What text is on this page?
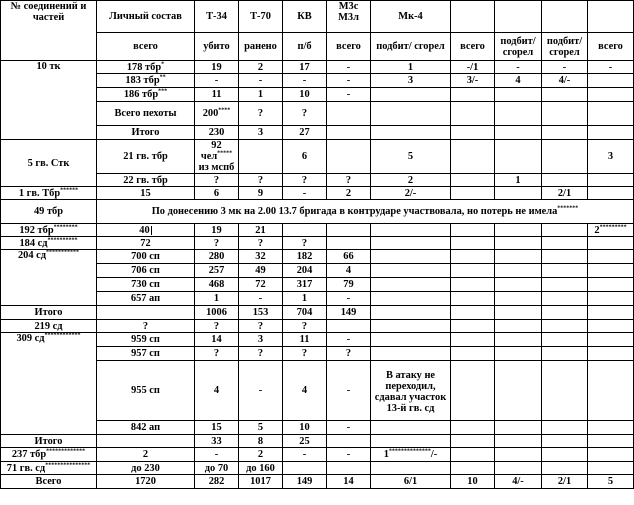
№ соединений и частей	Личный состав	Т-34	Т-70	КВ	М3с М3л	Мк-4				
	всего	убито	ранено	п/б	всего	подбит/ сгорел	всего	подбит/ сгорел	подбит/ сгорел	всего
10 тк	178 тбр*	19	2	17	-	1	-/1	-	-	-
	183 тбр**	-	-	-	-	3	3/-	4	4/-	
	186 тбр***	11	1	10	-					
	Всего пехоты	200****	?	?						
	Итого	230	3	27						
5 гв. Стк	21 гв. тбр	92 чел***** из мспб		6		5				3
	22 гв. тбр	?	?	?	?	2		1		
1 гв. Тбр******	15	6	9	-	2	2/-			2/1	
49 тбр	По донесению 3 мк на 2.00 13.7 бригада в контрударе участвовала, но потерь не имела*******
192 тбр********	40	19	21							2*********
184 сд**********	72	?	?	?						
204 сд***********	700 сп	280	32	182	66					
	706 сп	257	49	204	4					
	730 сп	468	72	317	79					
	657 ап	1	-	1	-					
Итого		1006	153	704	149					
219 сд	?	?	?	?						
309 сд************	959 сп	14	3	11	-					
	957 сп	?	?	?	?					
	955 сп	4	-	4	-	В атаку не переходил, сдавал участок 13-й гв. сд				
	842 ап	15	5	10	-					
Итого		33	8	25						
237 тбр*************	2	-	2	-	-	1**************/-				
71 гв. сд***************	до 230	до 70	до 160							
Всего	1720	282	1017	149	14	6/1	10	4/-	2/1	5
